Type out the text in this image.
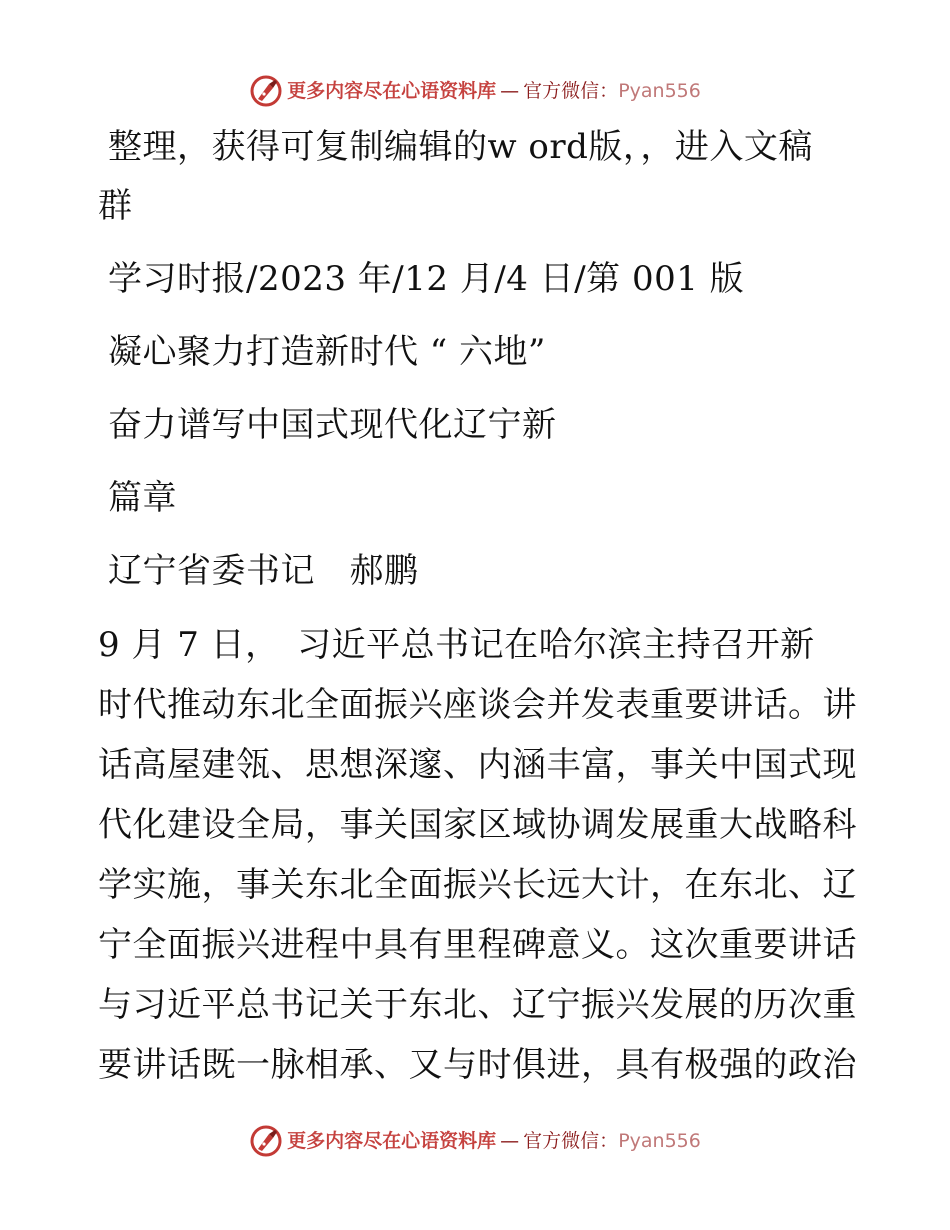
更多内容尽在心语资料库 — 官方微信： Pyan556
整理，获得可复制编辑的w ord版，，进入文稿
群
学习时报/2023 年/12 月/4 日/第 001 版
凝心聚力打造新时代 “ 六地”
奋力谱写中国式现代化辽宁新
篇章
辽宁省委书记　郝鹏
9 月 7 日，　习近平总书记在哈尔滨主持召开新
时代推动东北全面振兴座谈会并发表重要讲话。讲
话高屋建瓴、思想深邃、内涵丰富，事关中国式现
代化建设全局，事关国家区域协调发展重大战略科
学实施，事关东北全面振兴长远大计，在东北、辽
宁全面振兴进程中具有里程碑意义。这次重要讲话
与习近平总书记关于东北、辽宁振兴发展的历次重
要讲话既一脉相承、又与时俱进，具有极强的政治
更多内容尽在心语资料库 — 官方微信： Pyan556
